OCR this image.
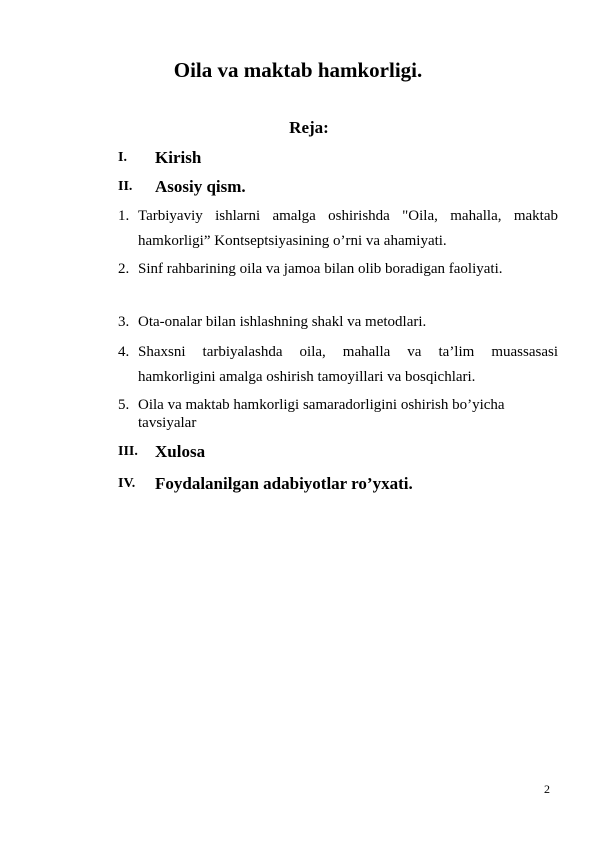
Oila va maktab hamkorligi.
Reja:
I. Kirish
II. Asosiy qism.
1. Tarbiyaviy ishlarni amalga oshirishda "Oila, mahalla, maktab hamkorligi” Kontseptsiyasining o’rni va ahamiyati.
2. Sinf rahbarining oila va jamoa bilan olib boradigan faoliyati.
3. Ota-onalar bilan ishlashning shakl va metodlari.
4. Shaxsni tarbiyalashda oila, mahalla va ta’lim muassasasi hamkorligini amalga oshirish tamoyillari va bosqichlari.
5. Oila va maktab hamkorligi samaradorligini oshirish bo’yicha tavsiyalar
III. Xulosa
IV. Foydalanilgan adabiyotlar ro’yxati.
2
